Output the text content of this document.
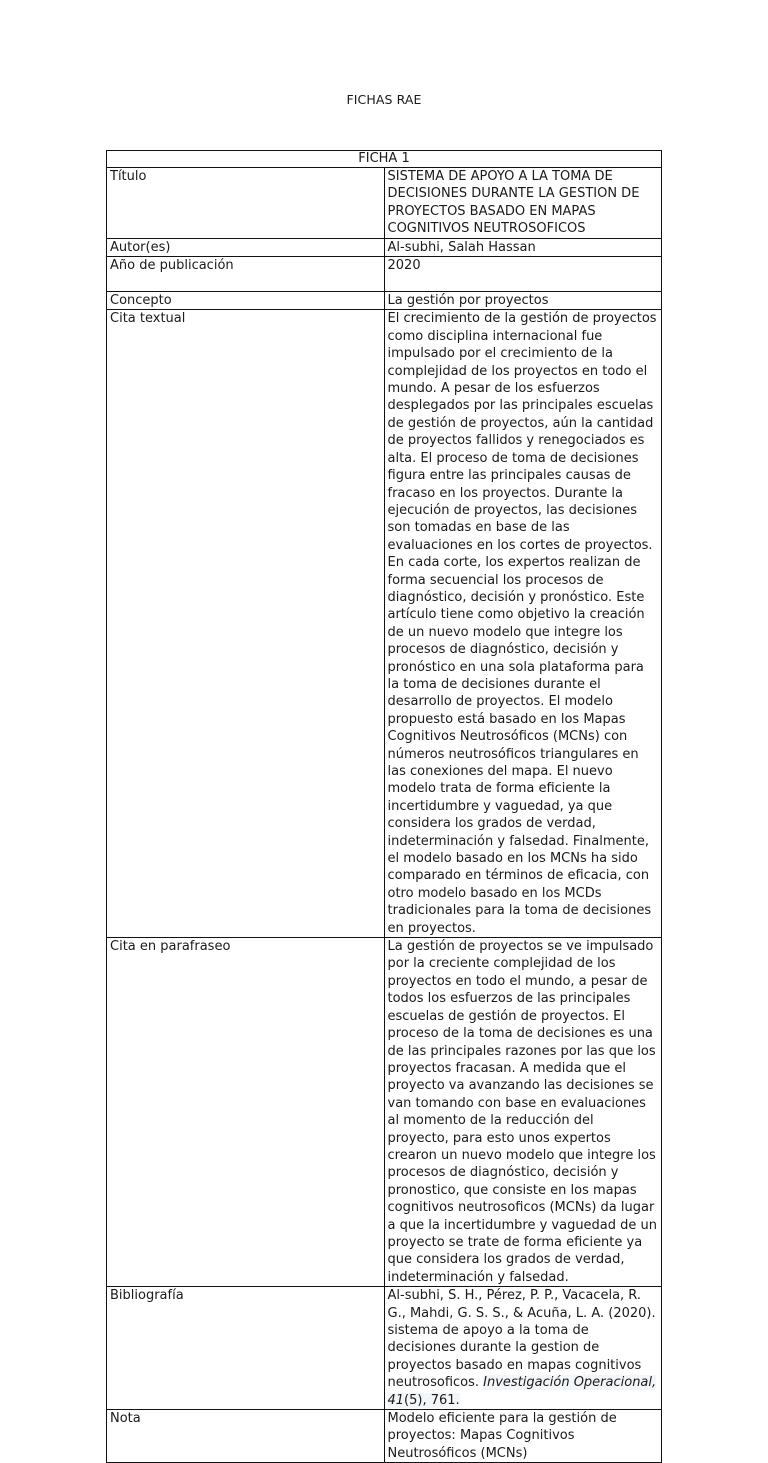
FICHAS RAE
FICHA 1	
Título	SISTEMA DE APOYO A LA TOMA DE DECISIONES DURANTE LA GESTION DE PROYECTOS BASADO EN MAPAS COGNITIVOS NEUTROSOFICOS
Autor(es)	Al-subhi, Salah Hassan
Año de publicación	2020
Concepto	La gestión por proyectos
Cita textual	El crecimiento de la gestión de proyectos como disciplina internacional fue impulsado por el crecimiento de la complejidad de los proyectos en todo el mundo. A pesar de los esfuerzos desplegados por las principales escuelas de gestión de proyectos, aún la cantidad de proyectos fallidos y renegociados es alta. El proceso de toma de decisiones figura entre las principales causas de fracaso en los proyectos. Durante la ejecución de proyectos, las decisiones son tomadas en base de las evaluaciones en los cortes de proyectos. En cada corte, los expertos realizan de forma secuencial los procesos de diagnóstico, decisión y pronóstico. Este artículo tiene como objetivo la creación de un nuevo modelo que integre los procesos de diagnóstico, decisión y pronóstico en una sola plataforma para la toma de decisiones durante el desarrollo de proyectos. El modelo propuesto está basado en los Mapas Cognitivos Neutrosóficos (MCNs) con números neutrosóficos triangulares en las conexiones del mapa. El nuevo modelo trata de forma eficiente la incertidumbre y vaguedad, ya que considera los grados de verdad, indeterminación y falsedad. Finalmente, el modelo basado en los MCNs ha sido comparado en términos de eficacia, con otro modelo basado en los MCDs tradicionales para la toma de decisiones en proyectos.
Cita en parafraseo	La gestión de proyectos se ve impulsado por la creciente complejidad de los proyectos en todo el mundo, a pesar de todos los esfuerzos de las principales escuelas de gestión de proyectos. El proceso de la toma de decisiones es una de las principales razones por las que los proyectos fracasan. A medida que el proyecto va avanzando las decisiones se van tomando con base en evaluaciones al momento de la reducción del proyecto, para esto unos expertos crearon un nuevo modelo que integre los procesos de diagnóstico, decisión y pronostico, que consiste en los mapas cognitivos neutrosoficos (MCNs) da lugar a que la incertidumbre y vaguedad de un proyecto se trate de forma eficiente ya que considera los grados de verdad, indeterminación y falsedad.
Bibliografía	Al-subhi, S. H., Pérez, P. P., Vacacela, R. G., Mahdi, G. S. S., & Acuña, L. A. (2020). sistema de apoyo a la toma de decisiones durante la gestion de proyectos basado en mapas cognitivos neutrosoficos. Investigación Operacional, 41(5), 761.
Nota	Modelo eficiente para la gestión de proyectos: Mapas Cognitivos Neutrosóficos (MCNs)
